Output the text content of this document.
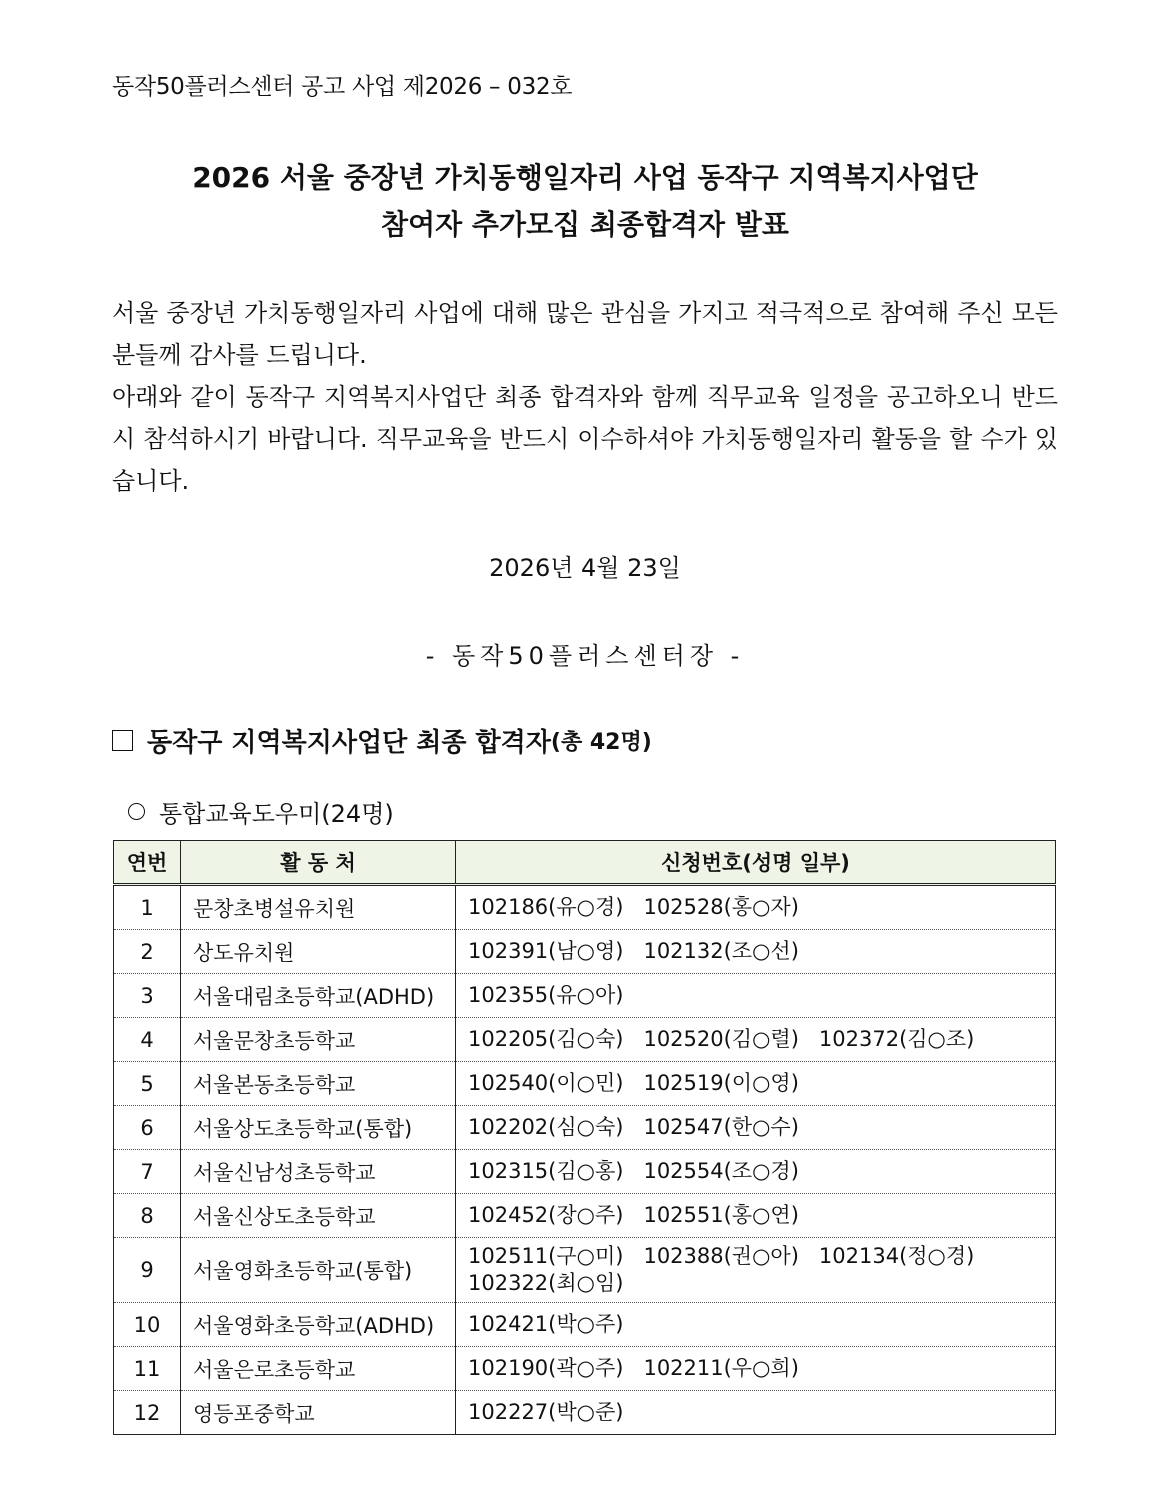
동작50플러스센터 공고 사업 제2026 – 032호
2026 서울 중장년 가치동행일자리 사업 동작구 지역복지사업단
참여자 추가모집 최종합격자 발표
서울 중장년 가치동행일자리 사업에 대해 많은 관심을 가지고 적극적으로 참여해 주신 모든 분들께 감사를 드립니다.
아래와 같이 동작구 지역복지사업단 최종 합격자와 함께 직무교육 일정을 공고하오니 반드시 참석하시기 바랍니다. 직무교육을 반드시 이수하셔야 가치동행일자리 활동을 할 수가 있습니다.
2026년 4월 23일
- 동작50플러스센터장 -
동작구 지역복지사업단 최종 합격자 (총 42명)
통합교육도우미(24명)
연번	활 동 처	신청번호(성명 일부)
1	문창초병설유치원	102186(유○경) 102528(홍○자)
2	상도유치원	102391(남○영) 102132(조○선)
3	서울대림초등학교(ADHD)	102355(유○아)
4	서울문창초등학교	102205(김○숙) 102520(김○렬) 102372(김○조)
5	서울본동초등학교	102540(이○민) 102519(이○영)
6	서울상도초등학교(통합)	102202(심○숙) 102547(한○수)
7	서울신남성초등학교	102315(김○홍) 102554(조○경)
8	서울신상도초등학교	102452(장○주) 102551(홍○연)
9	서울영화초등학교(통합)	102511(구○미) 102388(권○아) 102134(정○경)
102322(최○임)
10	서울영화초등학교(ADHD)	102421(박○주)
11	서울은로초등학교	102190(곽○주) 102211(우○희)
12	영등포중학교	102227(박○준)
